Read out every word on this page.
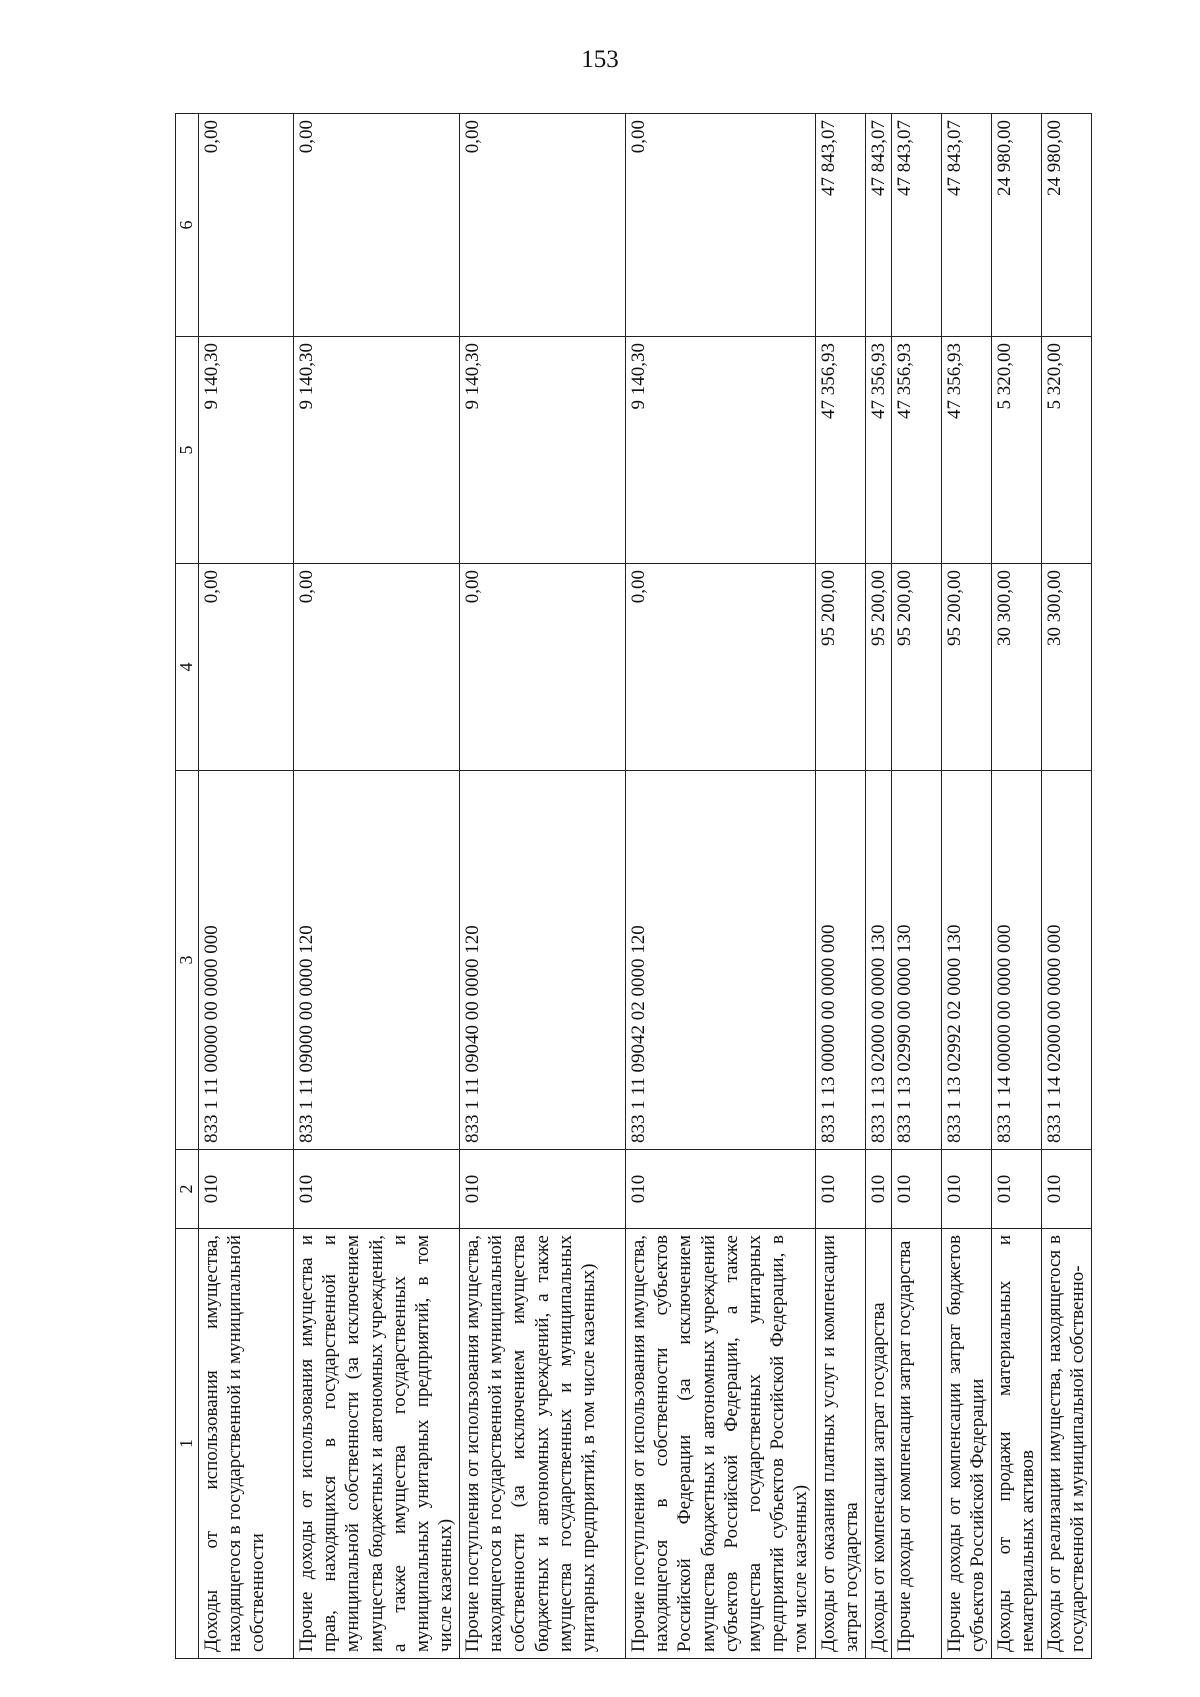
153
1	2	3	4	5	6
Доходы от использования имущества, находящегося в государственной и муниципальной собственности	010	833 1 11 00000 00 0000 000	0,00	9 140,30	0,00
Прочие доходы от использования имущества и прав, находящихся в государственной и муниципальной собственности (за исключением имущества бюджетных и автономных учреждений, а также имущества государственных и муниципальных унитарных предприятий, в том числе казенных)	010	833 1 11 09000 00 0000 120	0,00	9 140,30	0,00
Прочие поступления от использования имущества, находящегося в государственной и муниципальной собственности (за исключением имущества бюджетных и автономных учреждений, а также имущества государственных и муниципальных унитарных предприятий, в том числе казенных)	010	833 1 11 09040 00 0000 120	0,00	9 140,30	0,00
Прочие поступления от использования имущества, находящегося в собственности субъектов Российской Федерации (за исключением имущества бюджетных и автономных учреждений субъектов Российской Федерации, а также имущества государственных унитарных предприятий субъектов Российской Федерации, в том числе казенных)	010	833 1 11 09042 02 0000 120	0,00	9 140,30	0,00
Доходы от оказания платных услуг и компенсации затрат государства	010	833 1 13 00000 00 0000 000	95 200,00	47 356,93	47 843,07
Доходы от компенсации затрат государства	010	833 1 13 02000 00 0000 130	95 200,00	47 356,93	47 843,07
Прочие доходы от компенсации затрат государства	010	833 1 13 02990 00 0000 130	95 200,00	47 356,93	47 843,07
Прочие доходы от компенсации затрат бюджетов субъектов Российской Федерации	010	833 1 13 02992 02 0000 130	95 200,00	47 356,93	47 843,07
Доходы от продажи материальных и нематериальных активов	010	833 1 14 00000 00 0000 000	30 300,00	5 320,00	24 980,00
Доходы от реализации имущества, находящегося в государственной и муниципальной собственно-	010	833 1 14 02000 00 0000 000	30 300,00	5 320,00	24 980,00
